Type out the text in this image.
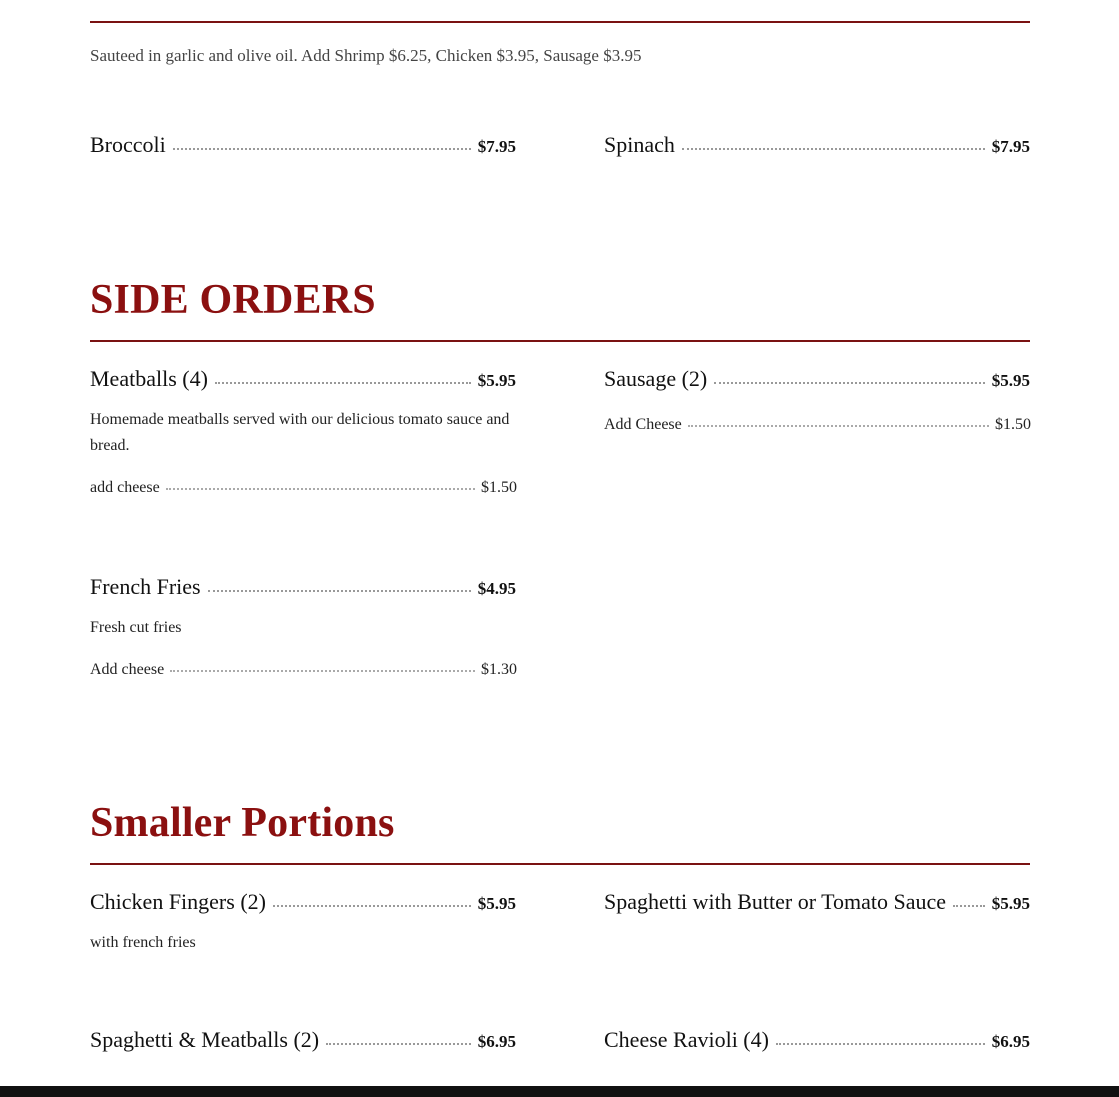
Sauteed in garlic and olive oil. Add Shrimp $6.25, Chicken $3.95, Sausage $3.95
Broccoli	$7.95	Spinach	$7.95
SIDE ORDERS
Meatballs (4)	$5.95
Homemade meatballs served with our delicious tomato sauce and bread.
add cheese	$1.50
Sausage (2)	$5.95
Add Cheese	$1.50
French Fries	$4.95
Fresh cut fries
Add cheese	$1.30
Smaller Portions
Chicken Fingers (2)	$5.95
with french fries
Spaghetti with Butter or Tomato Sauce	$5.95
Spaghetti & Meatballs (2)	$6.95	Cheese Ravioli (4)	$6.95
